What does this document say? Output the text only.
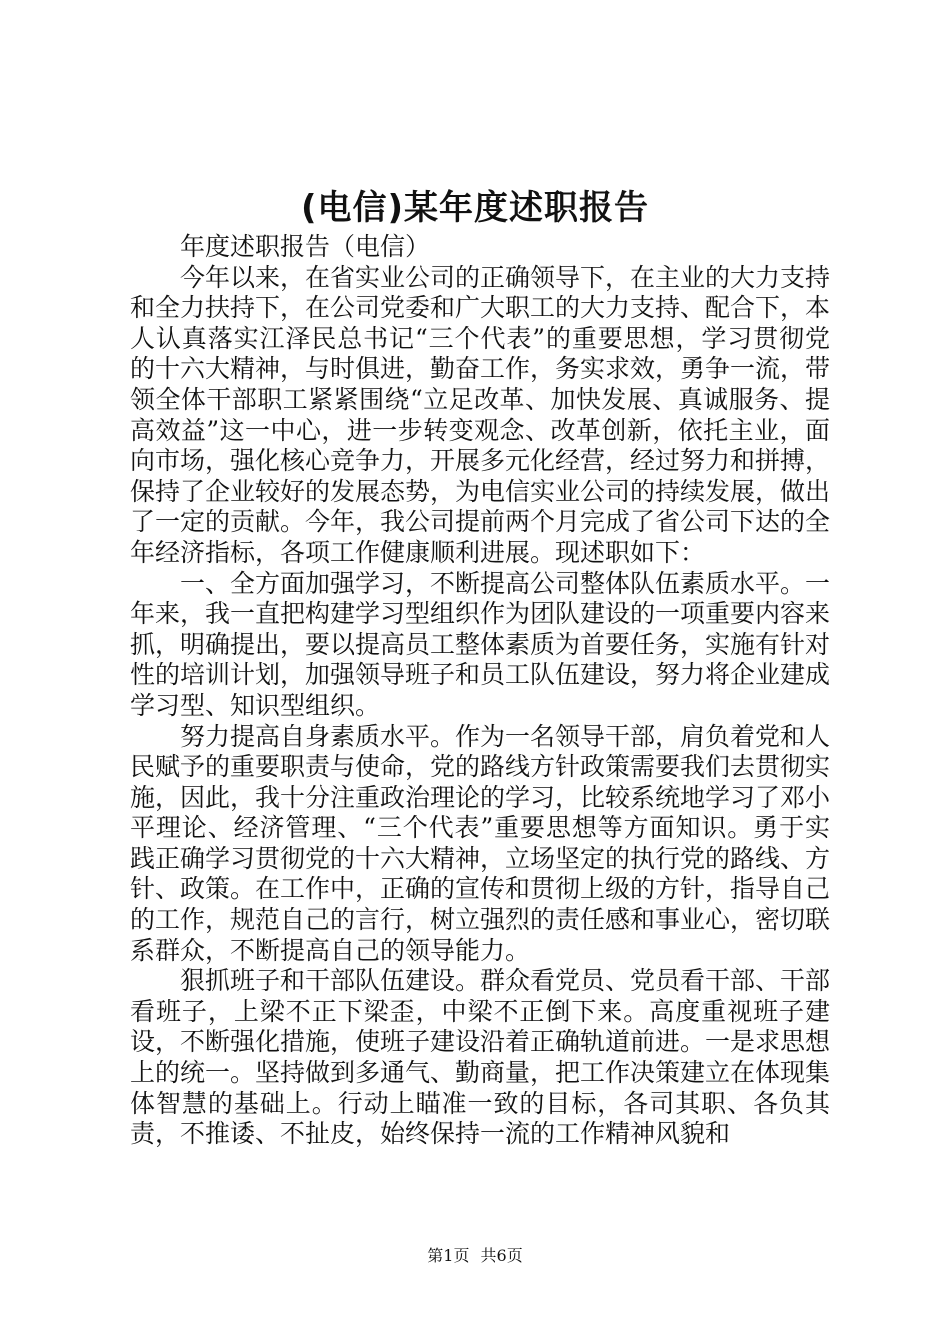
(电信)某年度述职报告

年度述职报告（电信）

今年以来，在省实业公司的正确领导下，在主业的大力支持和全力扶持下，在公司党委和广大职工的大力支持、配合下，本人认真落实江泽民总书记“三个代表”的重要思想，学习贯彻党的十六大精神，与时俱进，勤奋工作，务实求效，勇争一流，带领全体干部职工紧紧围绕“立足改革、加快发展、真诚服务、提高效益”这一中心，进一步转变观念、改革创新，依托主业，面向市场，强化核心竞争力，开展多元化经营，经过努力和拼搏，保持了企业较好的发展态势，为电信实业公司的持续发展，做出了一定的贡献。今年，我公司提前两个月完成了省公司下达的全年经济指标，各项工作健康顺利进展。现述职如下：

一、全方面加强学习，不断提高公司整体队伍素质水平。一年来，我一直把构建学习型组织作为团队建设的一项重要内容来抓，明确提出，要以提高员工整体素质为首要任务，实施有针对性的培训计划，加强领导班子和员工队伍建设，努力将企业建成学习型、知识型组织。

努力提高自身素质水平。作为一名领导干部，肩负着党和人民赋予的重要职责与使命，党的路线方针政策需要我们去贯彻实施，因此，我十分注重政治理论的学习，比较系统地学习了邓小平理论、经济管理、“三个代表”重要思想等方面知识。勇于实践正确学习贯彻党的十六大精神，立场坚定的执行党的路线、方针、政策。在工作中，正确的宣传和贯彻上级的方针，指导自己的工作，规范自己的言行，树立强烈的责任感和事业心，密切联系群众，不断提高自己的领导能力。

狠抓班子和干部队伍建设。群众看党员、党员看干部、干部看班子，上梁不正下梁歪，中梁不正倒下来。高度重视班子建设，不断强化措施，使班子建设沿着正确轨道前进。一是求思想上的统一。坚持做到多通气、勤商量，把工作决策建立在体现集体智慧的基础上。行动上瞄准一致的目标，各司其职、各负其责，不推诿、不扯皮，始终保持一流的工作精神风貌和

第1页 共6页
